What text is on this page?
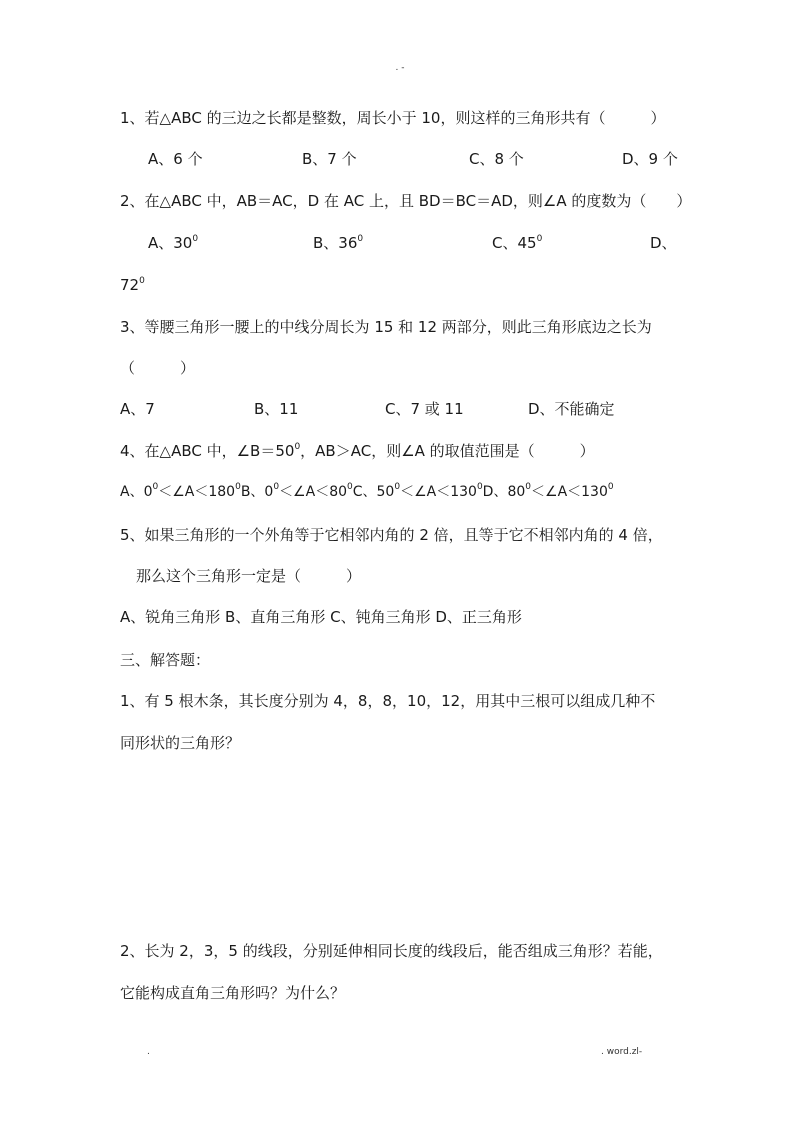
. -
1、若△ABC 的三边之长都是整数，周长小于 10，则这样的三角形共有（　　　）
A、6 个	B、7 个	C、8 个	D、9 个
2、在△ABC 中，AB＝AC，D 在 AC 上，且 BD＝BC＝AD，则∠A 的度数为（　　）
A、$30^0$	B、$36^0$	C、$45^0$	D、
$72^0$
3、等腰三角形一腰上的中线分周长为 15 和 12 两部分，则此三角形底边之长为
（　　　）
A、7	B、11	C、7 或 11	D、不能确定
4、在△ABC 中，$\angle B=50^0$，AB＞AC，则∠A 的取值范围是（　　　）
A、$0^0<\angle A<180^0B$、$0^0<\angle A<80^0C$、$50^0<\angle A<130^0D$、$80^0<\angle A<130^0$
5、如果三角形的一个外角等于它相邻内角的 2 倍，且等于它不相邻内角的 4 倍，
那么这个三角形一定是（　　　）
A、锐角三角形 B、直角三角形 C、钝角三角形 D、正三角形
三、解答题：
1、有 5 根木条，其长度分别为 4，8，8，10，12，用其中三根可以组成几种不
同形状的三角形？
2、长为 2，3，5 的线段，分别延伸相同长度的线段后，能否组成三角形？若能，
它能构成直角三角形吗？为什么？
.	. word.zl-
